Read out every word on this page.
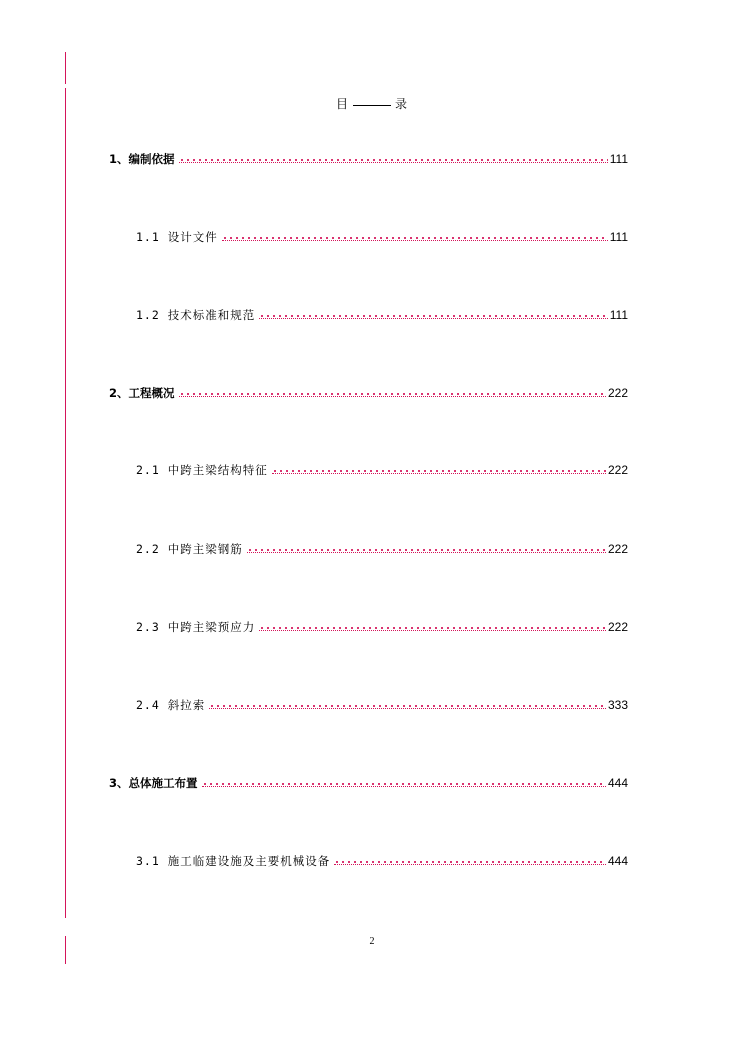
目	录
1、编制依据	111
1.1 设计文件	111
1.2 技术标准和规范	111
2、工程概况	222
2.1 中跨主梁结构特征	222
2.2 中跨主梁钢筋	222
2.3 中跨主梁预应力	222
2.4 斜拉索	333
3、总体施工布置	444
3.1 施工临建设施及主要机械设备	444
2
